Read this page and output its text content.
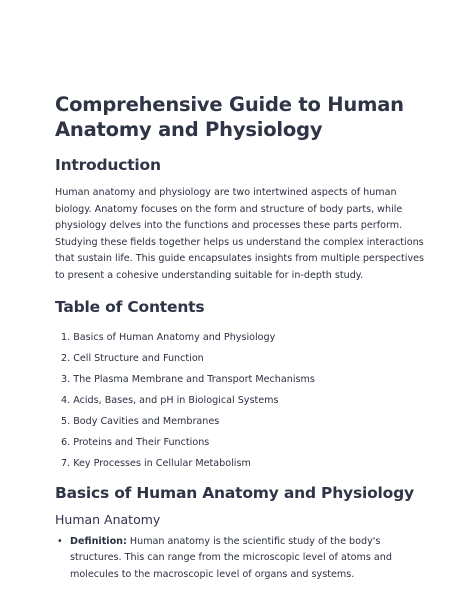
Comprehensive Guide to Human Anatomy and Physiology
Introduction

Human anatomy and physiology are two intertwined aspects of human biology. Anatomy focuses on the form and structure of body parts, while physiology delves into the functions and processes these parts perform. Studying these fields together helps us understand the complex interactions that sustain life. This guide encapsulates insights from multiple perspectives to present a cohesive understanding suitable for in-depth study.

Table of Contents
1. Basics of Human Anatomy and Physiology
2. Cell Structure and Function
3. The Plasma Membrane and Transport Mechanisms
4. Acids, Bases, and pH in Biological Systems
5. Body Cavities and Membranes
6. Proteins and Their Functions
7. Key Processes in Cellular Metabolism
Basics of Human Anatomy and Physiology
Human Anatomy
• Definition: Human anatomy is the scientific study of the body's structures. This can range from the microscopic level of atoms and molecules to the macroscopic level of organs and systems.
